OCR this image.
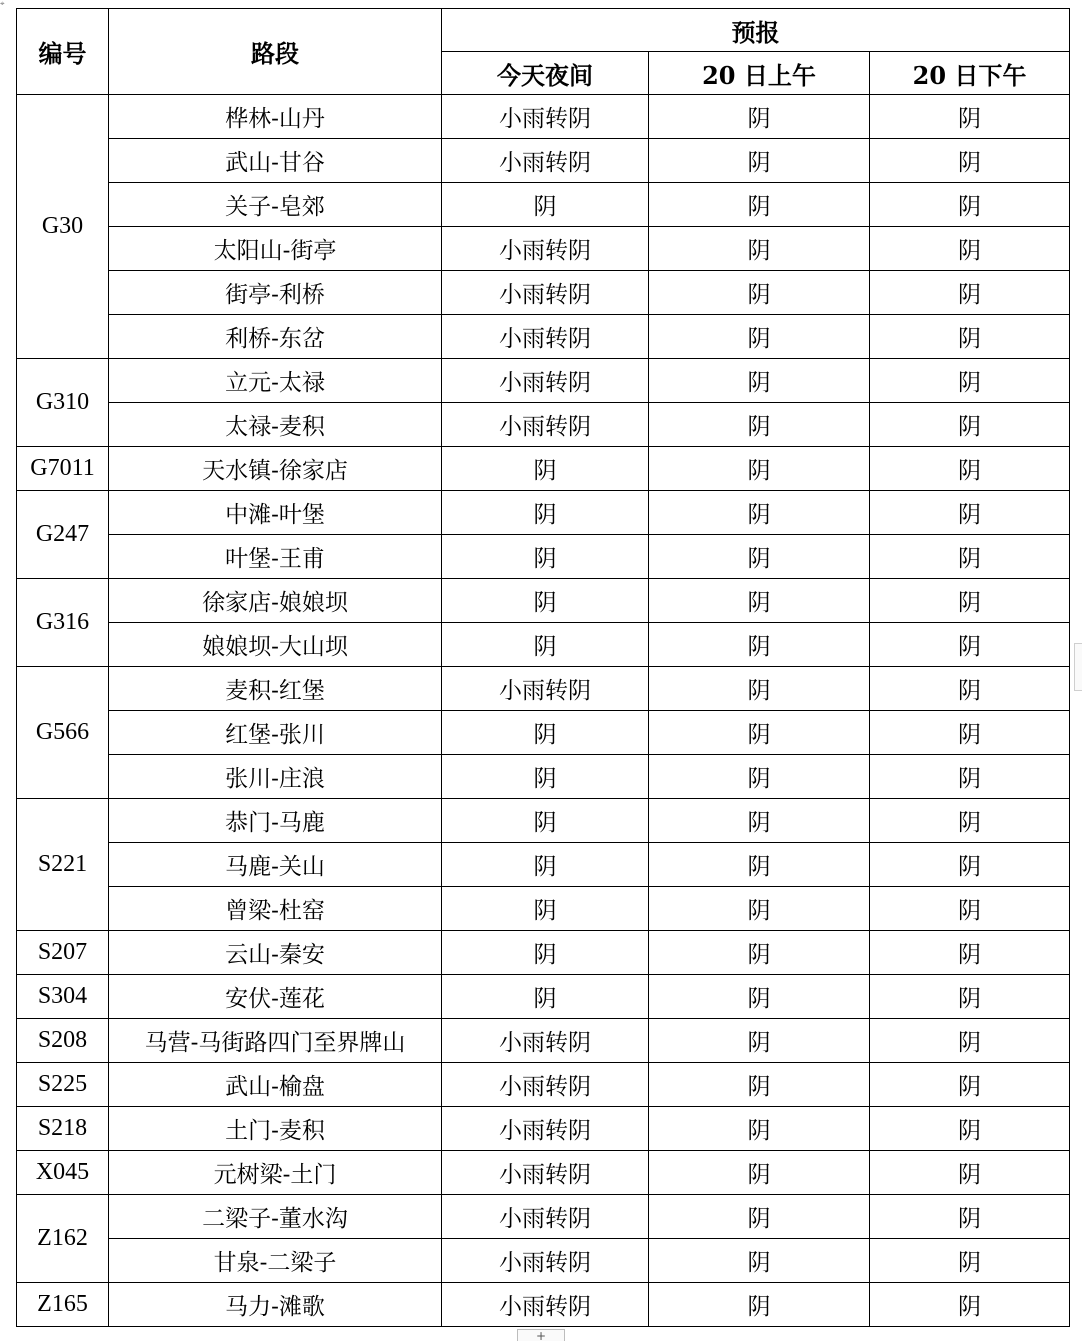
⌖
编号	路段	预报		
		今天夜间	20 日上午	20 日下午
G30	桦林-山丹	小雨转阴	阴	阴
	武山-甘谷	小雨转阴	阴	阴
	关子-皂郊	阴	阴	阴
	太阳山-街亭	小雨转阴	阴	阴
	街亭-利桥	小雨转阴	阴	阴
	利桥-东岔	小雨转阴	阴	阴
G310	立元-太禄	小雨转阴	阴	阴
	太禄-麦积	小雨转阴	阴	阴
G7011	天水镇-徐家店	阴	阴	阴
G247	中滩-叶堡	阴	阴	阴
	叶堡-王甫	阴	阴	阴
G316	徐家店-娘娘坝	阴	阴	阴
	娘娘坝-大山坝	阴	阴	阴
G566	麦积-红堡	小雨转阴	阴	阴
	红堡-张川	阴	阴	阴
	张川-庄浪	阴	阴	阴
S221	恭门-马鹿	阴	阴	阴
	马鹿-关山	阴	阴	阴
	曾梁-杜窑	阴	阴	阴
S207	云山-秦安	阴	阴	阴
S304	安伏-莲花	阴	阴	阴
S208	马营-马街路四门至界牌山	小雨转阴	阴	阴
S225	武山-榆盘	小雨转阴	阴	阴
S218	土门-麦积	小雨转阴	阴	阴
X045	元树梁-土门	小雨转阴	阴	阴
Z162	二梁子-董水沟	小雨转阴	阴	阴
	甘泉-二梁子	小雨转阴	阴	阴
Z165	马力-滩歌	小雨转阴	阴	阴
+
